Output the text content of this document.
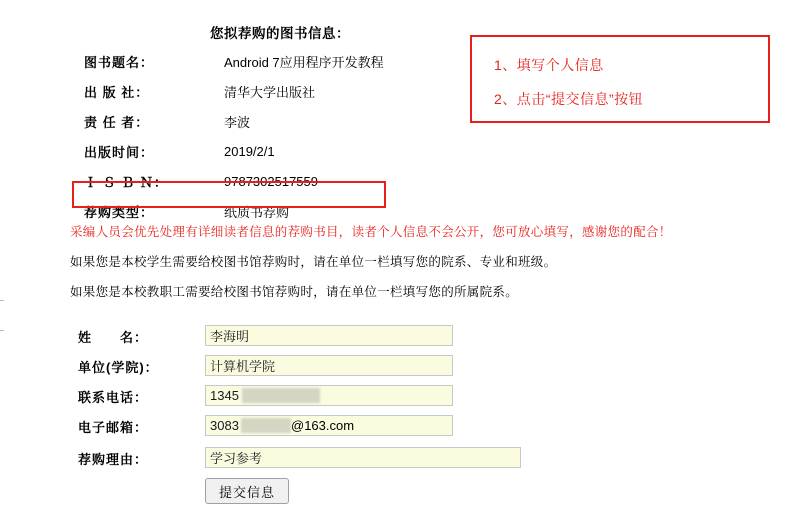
您拟荐购的图书信息：
图书题名：	Android 7应用程序开发教程
出 版 社：	清华大学出版社
责 任 者：	李波
出版时间：	2019/2/1
Ｉ Ｓ Ｂ Ｎ：	9787302517559
荐购类型：	纸质书荐购
采编人员会优先处理有详细读者信息的荐购书目，读者个人信息不会公开，您可放心填写，感谢您的配合！
如果您是本校学生需要给校图书馆荐购时，请在单位一栏填写您的院系、专业和班级。
如果您是本校教职工需要给校图书馆荐购时，请在单位一栏填写您的所属院系。
1、填写个人信息
2、点击“提交信息”按钮
姓　　名：
李海明
单位(学院)：
计算机学院
联系电话：
1345
电子邮箱：
3083	@163.com
荐购理由：
学习参考
提交信息
